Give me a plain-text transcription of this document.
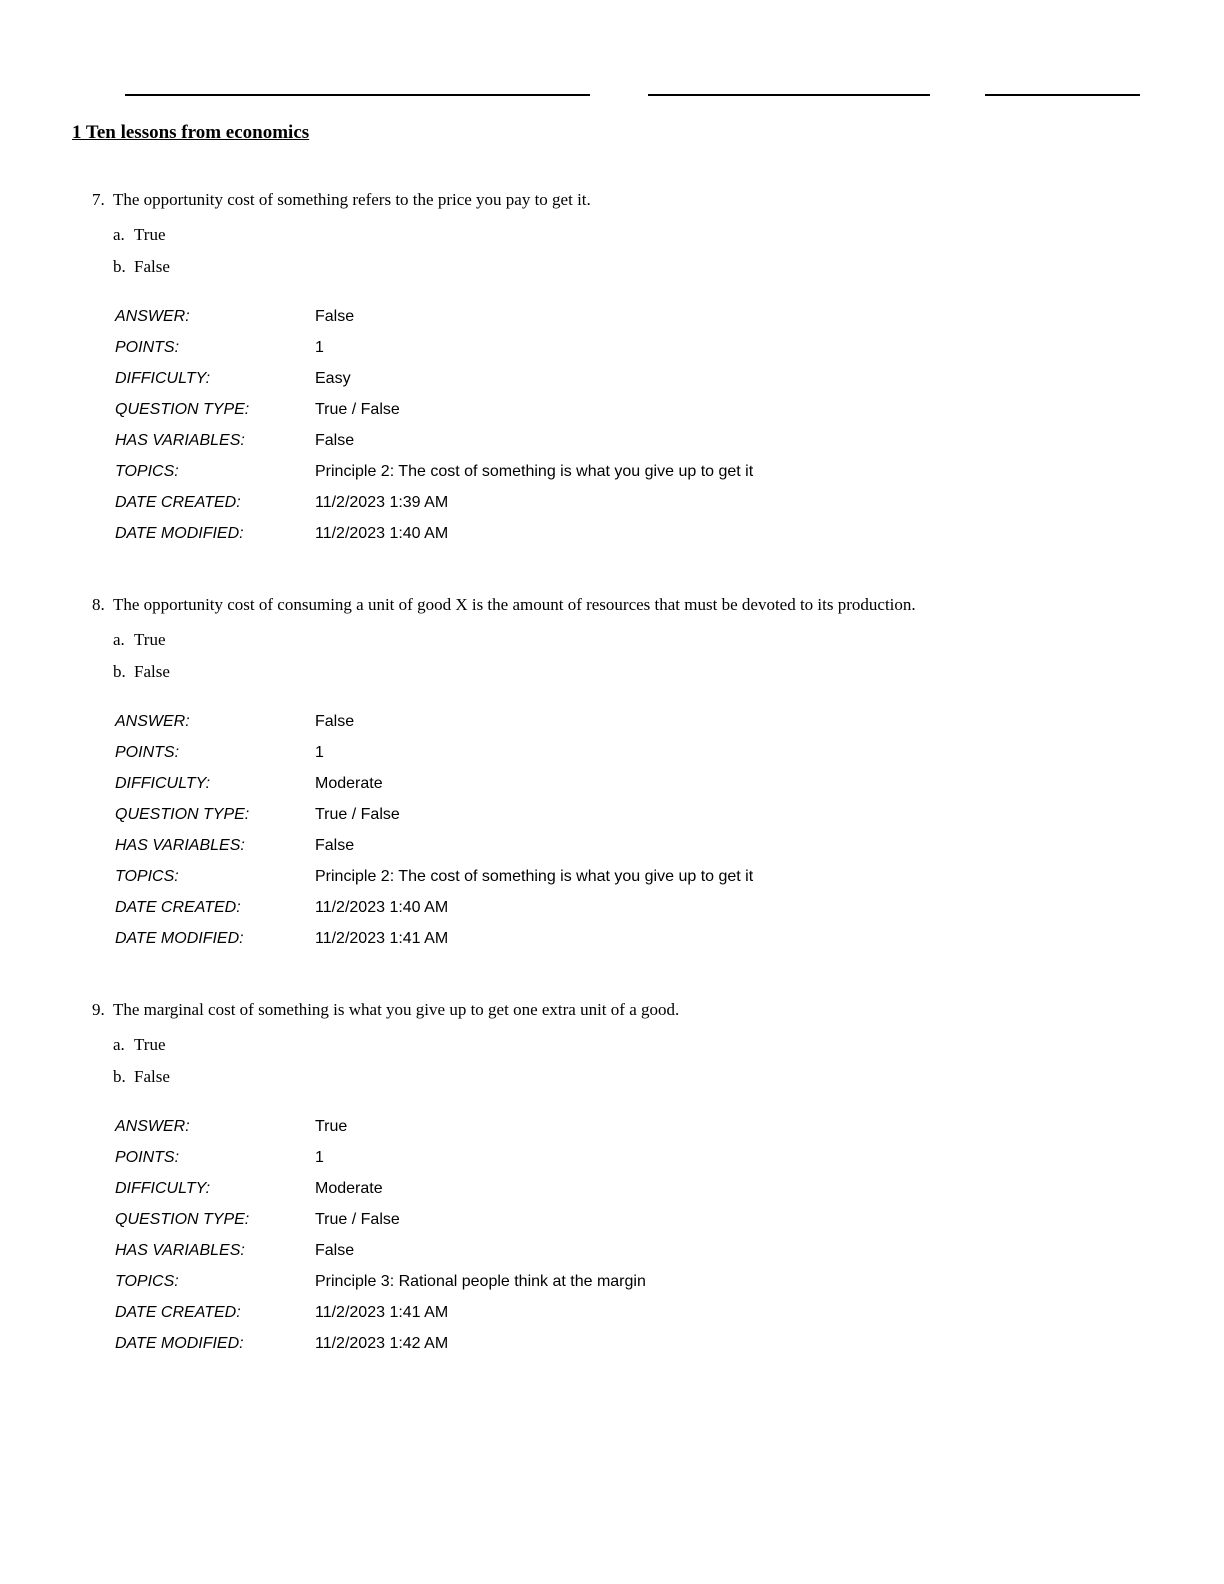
1 Ten lessons from economics
7. The opportunity cost of something refers to the price you pay to get it.
a. True
b. False
ANSWER:	False
POINTS:	1
DIFFICULTY:	Easy
QUESTION TYPE:	True / False
HAS VARIABLES:	False
TOPICS:	Principle 2: The cost of something is what you give up to get it
DATE CREATED:	11/2/2023 1:39 AM
DATE MODIFIED:	11/2/2023 1:40 AM
8. The opportunity cost of consuming a unit of good X is the amount of resources that must be devoted to its production.
a. True
b. False
ANSWER:	False
POINTS:	1
DIFFICULTY:	Moderate
QUESTION TYPE:	True / False
HAS VARIABLES:	False
TOPICS:	Principle 2: The cost of something is what you give up to get it
DATE CREATED:	11/2/2023 1:40 AM
DATE MODIFIED:	11/2/2023 1:41 AM
9. The marginal cost of something is what you give up to get one extra unit of a good.
a. True
b. False
ANSWER:	True
POINTS:	1
DIFFICULTY:	Moderate
QUESTION TYPE:	True / False
HAS VARIABLES:	False
TOPICS:	Principle 3: Rational people think at the margin
DATE CREATED:	11/2/2023 1:41 AM
DATE MODIFIED:	11/2/2023 1:42 AM
